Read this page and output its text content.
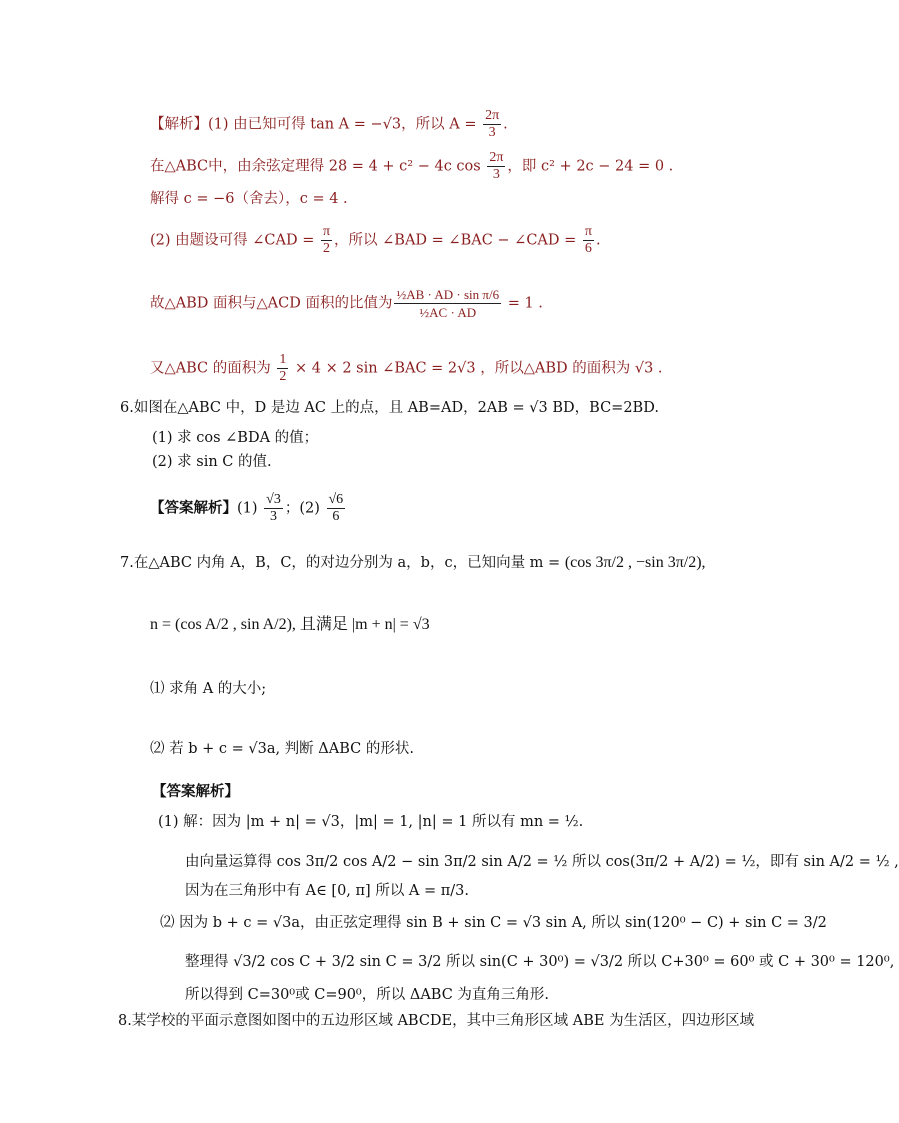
【解析】(1) 由已知可得 tan A = −√3，所以 $A = \frac{2\pi}{3}$ .
在△ABC中，由余弦定理得 28 = 4 + c² − 4c $\cos \frac{2\pi}{3}$ ，即 c² + 2c − 24 = 0 .
解得 c = −6（舍去），c = 4 .
(2) 由题设可得 ∠CAD = $\frac{\pi}{2}$ ，所以 ∠BAD = ∠BAC − ∠CAD = $\frac{\pi}{6}$ .
故△ABD 面积与△ACD 面积的比值为 $\frac{\text{½AB · AD · sin π/6}}{\text{½AC · AD}} = 1$ .
又△ABC 的面积为 $\frac{1}{2} \times 4 \times 2$ sin ∠BAC = 2√3 ，所以△ABD 的面积为 √3 .
6.如图在△ABC 中，D 是边 AC 上的点，且 AB=AD，2AB = √3 BD，BC=2BD.
(1) 求 cos ∠BDA 的值；
(2) 求 sin C 的值.
【答案解析】$(1) \frac{√3}{3}$ ；$(2) \frac{√6}{6}$
7.在△ABC 内角 A，B，C，的对边分别为 a，b，c，已知向量 m = (cos 3π/2 , −sin 3π/2),
n = (cos A/2 , sin A/2), 且满足 |m + n| = √3
⑴ 求角 A 的大小;
⑵ 若 b + c = √3a, 判断 ΔABC 的形状.
【答案解析】
(1) 解：因为 |m + n| = √3，|m| = 1, |n| = 1 所以有 mn = ½.
由向量运算得 cos 3π/2 cos A/2 − sin 3π/2 sin A/2 = ½ 所以 cos(3π/2 + A/2) = ½，即有 sin A/2 = ½ ,
因为在三角形中有 A∈ [0, π] 所以 A = π/3.
⑵ 因为 b + c = √3a，由正弦定理得 sin B + sin C = √3 sin A, 所以 sin(120⁰ − C) + sin C = 3/2
整理得 √3/2 cos C + 3/2 sin C = 3/2 所以 sin(C + 30⁰) = √3/2 所以 C+30⁰ = 60⁰ 或 C + 30⁰ = 120⁰,
所以得到 C=30⁰或 C=90⁰，所以 ΔABC 为直角三角形.
8.某学校的平面示意图如图中的五边形区域 ABCDE，其中三角形区域 ABE 为生活区，四边形区域
